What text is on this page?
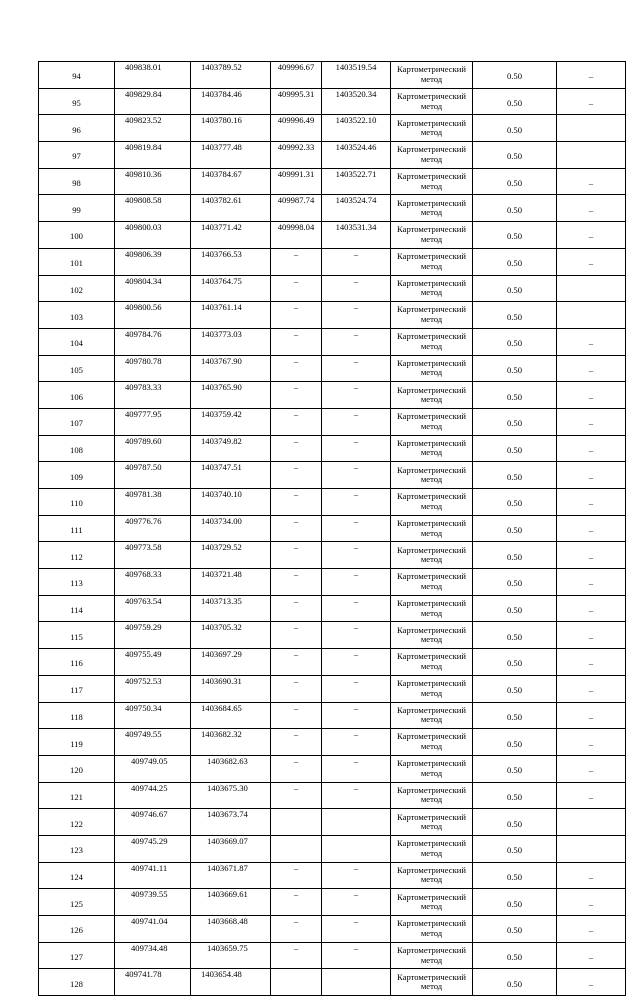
94	409838.01	1403789.52	409996.67	1403519.54	Картометрический метод	0.50	–
95	409829.84	1403784.46	409995.31	1403520.34	Картометрический метод	0.50	–
96	409823.52	1403780.16	409996.49	1403522.10	Картометрический метод	0.50	
97	409819.84	1403777.48	409992.33	1403524.46	Картометрический метод	0.50	
98	409810.36	1403784.67	409991.31	1403522.71	Картометрический метод	0.50	–
99	409808.58	1403782.61	409987.74	1403524.74	Картометрический метод	0.50	–
100	409800.03	1403771.42	409998.04	1403531.34	Картометрический метод	0.50	–
101	409806.39	1403766.53	–	–	Картометрический метод	0.50	–
102	409804.34	1403764.75	–	–	Картометрический метод	0.50	
103	409800.56	1403761.14	–	–	Картометрический метод	0.50	
104	409784.76	1403773.03	–	–	Картометрический метод	0.50	–
105	409780.78	1403767.90	–	–	Картометрический метод	0.50	–
106	409783.33	1403765.90	–	–	Картометрический метод	0.50	–
107	409777.95	1403759.42	–	–	Картометрический метод	0.50	–
108	409789.60	1403749.82	–	–	Картометрический метод	0.50	–
109	409787.50	1403747.51	–	–	Картометрический метод	0.50	–
110	409781.38	1403740.10	–	–	Картометрический метод	0.50	–
111	409776.76	1403734.00	–	–	Картометрический метод	0.50	–
112	409773.58	1403729.52	–	–	Картометрический метод	0.50	–
113	409768.33	1403721.48	–	–	Картометрический метод	0.50	–
114	409763.54	1403713.35	–	–	Картометрический метод	0.50	–
115	409759.29	1403705.32	–	–	Картометрический метод	0.50	–
116	409755.49	1403697.29	–	–	Картометрический метод	0.50	–
117	409752.53	1403690.31	–	–	Картометрический метод	0.50	–
118	409750.34	1403684.65	–	–	Картометрический метод	0.50	–
119	409749.55	1403682.32	–	–	Картометрический метод	0.50	–
120	409749.05	1403682.63	–	–	Картометрический метод	0.50	–
121	409744.25	1403675.30	–	–	Картометрический метод	0.50	–
122	409746.67	1403673.74			Картометрический метод	0.50	
123	409745.29	1403669.07			Картометрический метод	0.50	
124	409741.11	1403671.87	–	–	Картометрический метод	0.50	–
125	409739.55	1403669.61	–	–	Картометрический метод	0.50	–
126	409741.04	1403668.48	–	–	Картометрический метод	0.50	–
127	409734.48	1403659.75	–	–	Картометрический метод	0.50	–
128	409741.78	1403654.48			Картометрический метод	0.50	–
